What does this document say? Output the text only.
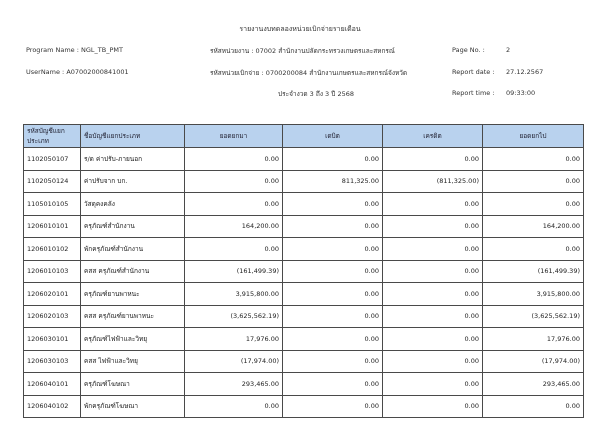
รายงานงบทดลองหน่วยเบิกจ่ายรายเดือน
Program Name : NGL_TB_PMT
UserName : A07002000841001
รหัสหน่วยงาน : 07002 สำนักงานปลัดกระทรวงเกษตรและสหกรณ์
รหัสหน่วยเบิกจ่าย : 0700200084 สำนักงานเกษตรและสหกรณ์จังหวัด
ประจำงวด 3 ถึง 3 ปี 2568
Page No. :	2
Report date : 27.12.2567
Report time : 09:33:00
รหัสบัญชีแยกประเภท	ชื่อบัญชีแยกประเภท	ยอดยกมา	เดบิต	เครดิต	ยอดยกไป
1102050107	ร/ด ค่าปรับ-ภายนอก	0.00	0.00	0.00	0.00
1102050124	ค่าปรับจาก บก.	0.00	811,325.00	(811,325.00)	0.00
1105010105	วัสดุคงคลัง	0.00	0.00	0.00	0.00
1206010101	ครุภัณฑ์สำนักงาน	164,200.00	0.00	0.00	164,200.00
1206010102	พักครุภัณฑ์สำนักงาน	0.00	0.00	0.00	0.00
1206010103	คสส ครุภัณฑ์สำนักงาน	(161,499.39)	0.00	0.00	(161,499.39)
1206020101	ครุภัณฑ์ยานพาหนะ	3,915,800.00	0.00	0.00	3,915,800.00
1206020103	คสส ครุภัณฑ์ยานพาหนะ	(3,625,562.19)	0.00	0.00	(3,625,562.19)
1206030101	ครุภัณฑ์ไฟฟ้าและวิทยุ	17,976.00	0.00	0.00	17,976.00
1206030103	คสส ไฟฟ้าและวิทยุ	(17,974.00)	0.00	0.00	(17,974.00)
1206040101	ครุภัณฑ์โฆษณา	293,465.00	0.00	0.00	293,465.00
1206040102	พักครุภัณฑ์โฆษณา	0.00	0.00	0.00	0.00
